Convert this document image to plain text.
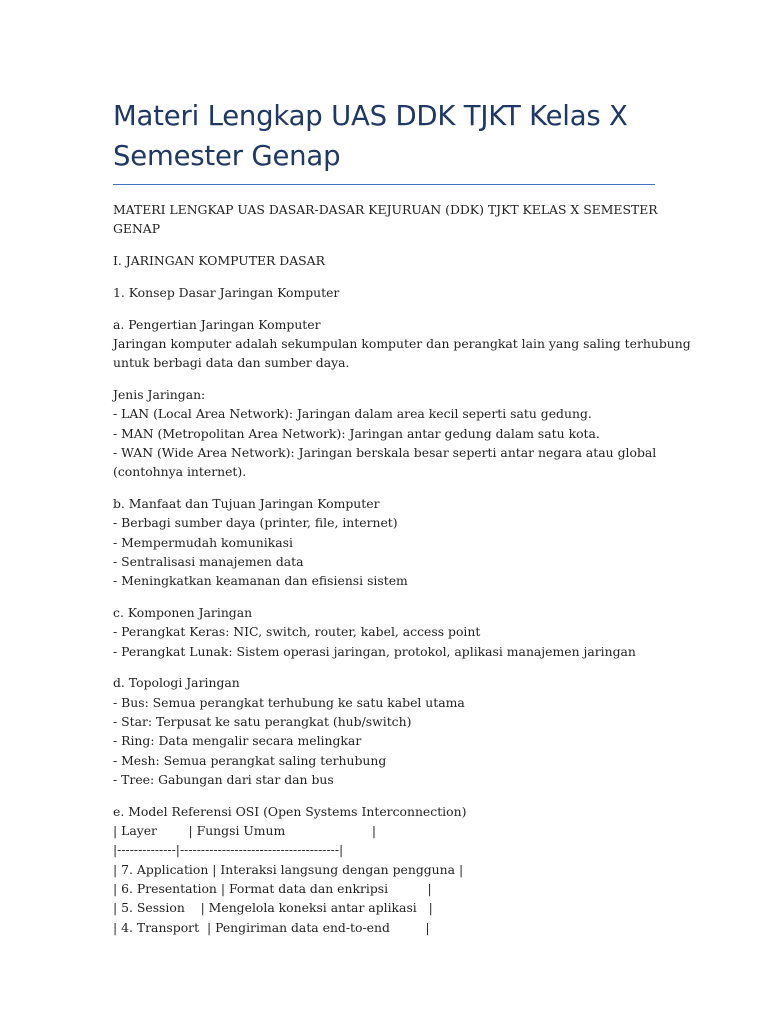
Materi Lengkap UAS DDK TJKT Kelas X
Semester Genap

MATERI LENGKAP UAS DASAR-DASAR KEJURUAN (DDK) TJKT KELAS X SEMESTER GENAP

I. JARINGAN KOMPUTER DASAR

1. Konsep Dasar Jaringan Komputer

a. Pengertian Jaringan Komputer
Jaringan komputer adalah sekumpulan komputer dan perangkat lain yang saling terhubung
untuk berbagi data dan sumber daya.
Jenis Jaringan:
- LAN (Local Area Network): Jaringan dalam area kecil seperti satu gedung.
- MAN (Metropolitan Area Network): Jaringan antar gedung dalam satu kota.
- WAN (Wide Area Network): Jaringan berskala besar seperti antar negara atau global
(contohnya internet).
b. Manfaat dan Tujuan Jaringan Komputer
- Berbagi sumber daya (printer, file, internet)
- Mempermudah komunikasi
- Sentralisasi manajemen data
- Meningkatkan keamanan dan efisiensi sistem
c. Komponen Jaringan
- Perangkat Keras: NIC, switch, router, kabel, access point
- Perangkat Lunak: Sistem operasi jaringan, protokol, aplikasi manajemen jaringan
d. Topologi Jaringan
- Bus: Semua perangkat terhubung ke satu kabel utama
- Star: Terpusat ke satu perangkat (hub/switch)
- Ring: Data mengalir secara melingkar
- Mesh: Semua perangkat saling terhubung
- Tree: Gabungan dari star dan bus
e. Model Referensi OSI (Open Systems Interconnection)
| Layer        | Fungsi Umum                      |
|--------------|--------------------------------------|
| 7. Application | Interaksi langsung dengan pengguna |
| 6. Presentation | Format data dan enkripsi          |
| 5. Session    | Mengelola koneksi antar aplikasi   |
| 4. Transport  | Pengiriman data end-to-end         |
